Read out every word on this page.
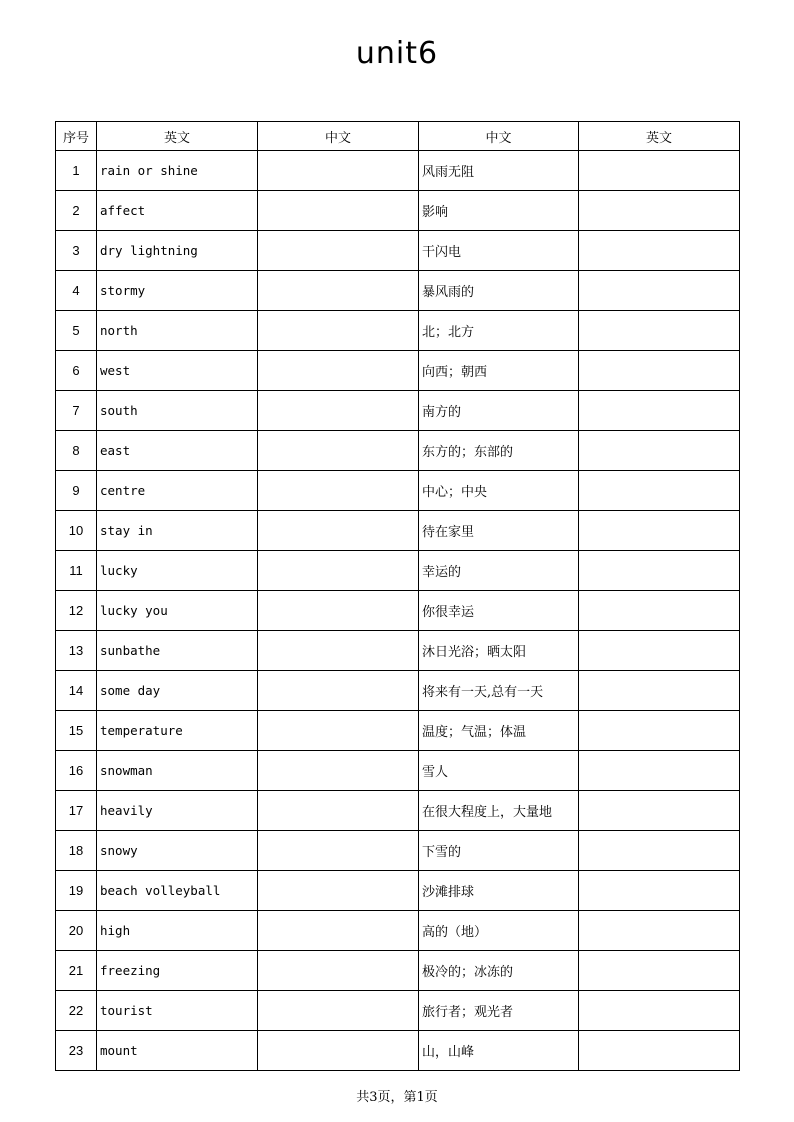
unit6
序号	英文	中文	中文	英文
1	rain or shine		风雨无阻	
2	affect		影响	
3	dry lightning		干闪电	
4	stormy		暴风雨的	
5	north		北；北方	
6	west		向西；朝西	
7	south		南方的	
8	east		东方的；东部的	
9	centre		中心；中央	
10	stay in		待在家里	
11	lucky		幸运的	
12	lucky you		你很幸运	
13	sunbathe		沐日光浴；晒太阳	
14	some day		将来有一天,总有一天	
15	temperature		温度；气温；体温	
16	snowman		雪人	
17	heavily		在很大程度上，大量地	
18	snowy		下雪的	
19	beach volleyball		沙滩排球	
20	high		高的（地）	
21	freezing		极冷的；冰冻的	
22	tourist		旅行者；观光者	
23	mount		山，山峰	
共3页，第1页
